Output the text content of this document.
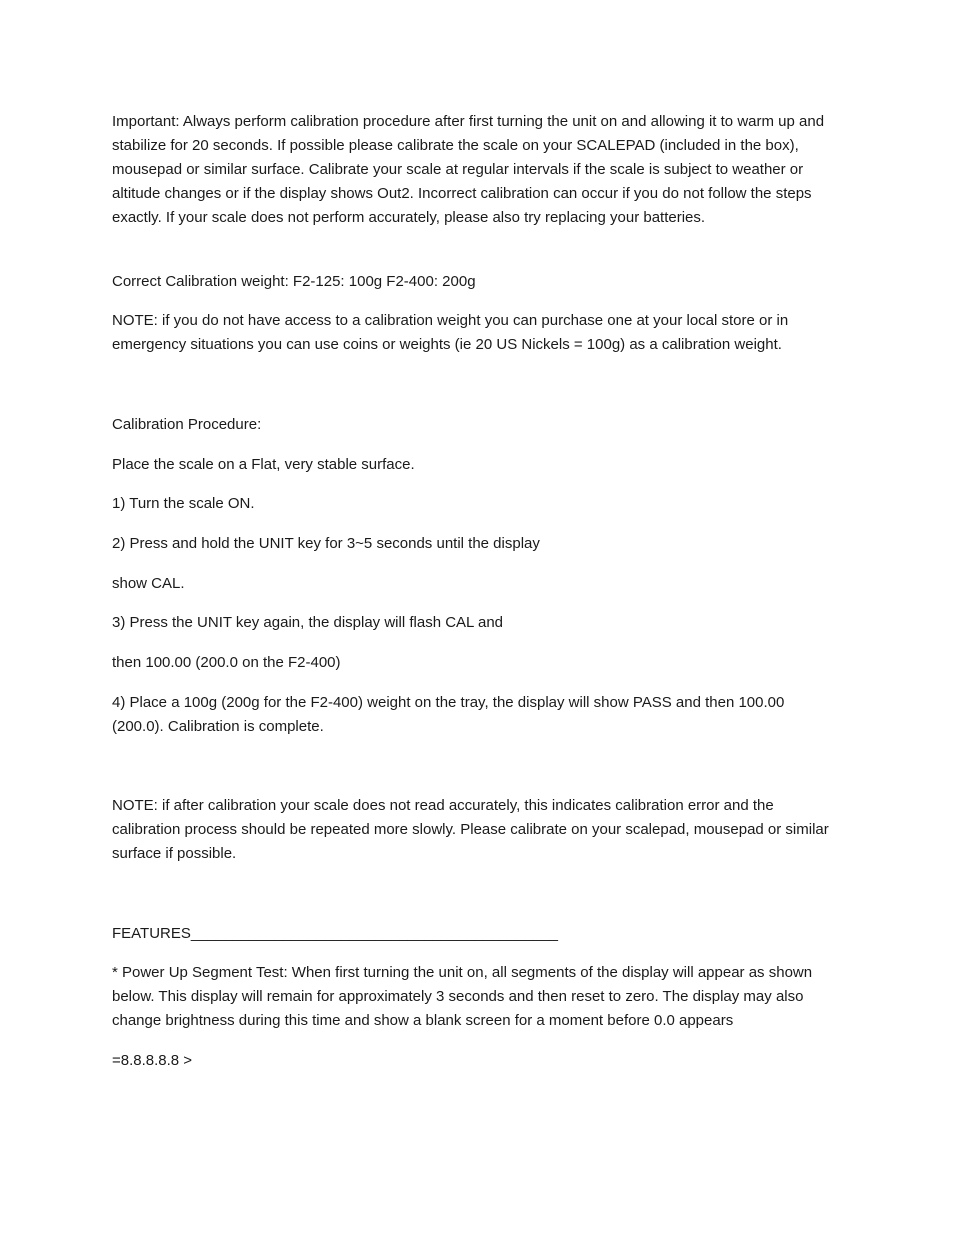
Important: Always perform calibration procedure after first turning the unit on and allowing it to warm up and stabilize for 20 seconds. If possible please calibrate the scale on your SCALEPAD (included in the box), mousepad or similar surface. Calibrate your scale at regular intervals if the scale is subject to weather or altitude changes or if the display shows Out2. Incorrect calibration can occur if you do not follow the steps exactly. If your scale does not perform accurately, please also try replacing your batteries.

Correct Calibration weight: F2-125: 100g F2-400: 200g

NOTE: if you do not have access to a calibration weight you can purchase one at your local store or in emergency situations you can use coins or weights (ie 20 US Nickels = 100g) as a calibration weight.

Calibration Procedure:

Place the scale on a Flat, very stable surface.

1) Turn the scale ON.

2) Press and hold the UNIT key for 3~5 seconds until the display

show CAL.

3) Press the UNIT key again, the display will flash CAL and

then 100.00 (200.0 on the F2-400)

4) Place a 100g (200g for the F2-400) weight on the tray, the display will show PASS and then 100.00 (200.0). Calibration is complete.

NOTE: if after calibration your scale does not read accurately, this indicates calibration error and the calibration process should be repeated more slowly. Please calibrate on your scalepad, mousepad or similar surface if possible.

FEATURES____________________________________________

* Power Up Segment Test: When first turning the unit on, all segments of the display will appear as shown below. This display will remain for approximately 3 seconds and then reset to zero. The display may also change brightness during this time and show a blank screen for a moment before 0.0 appears

=8.8.8.8.8 >
